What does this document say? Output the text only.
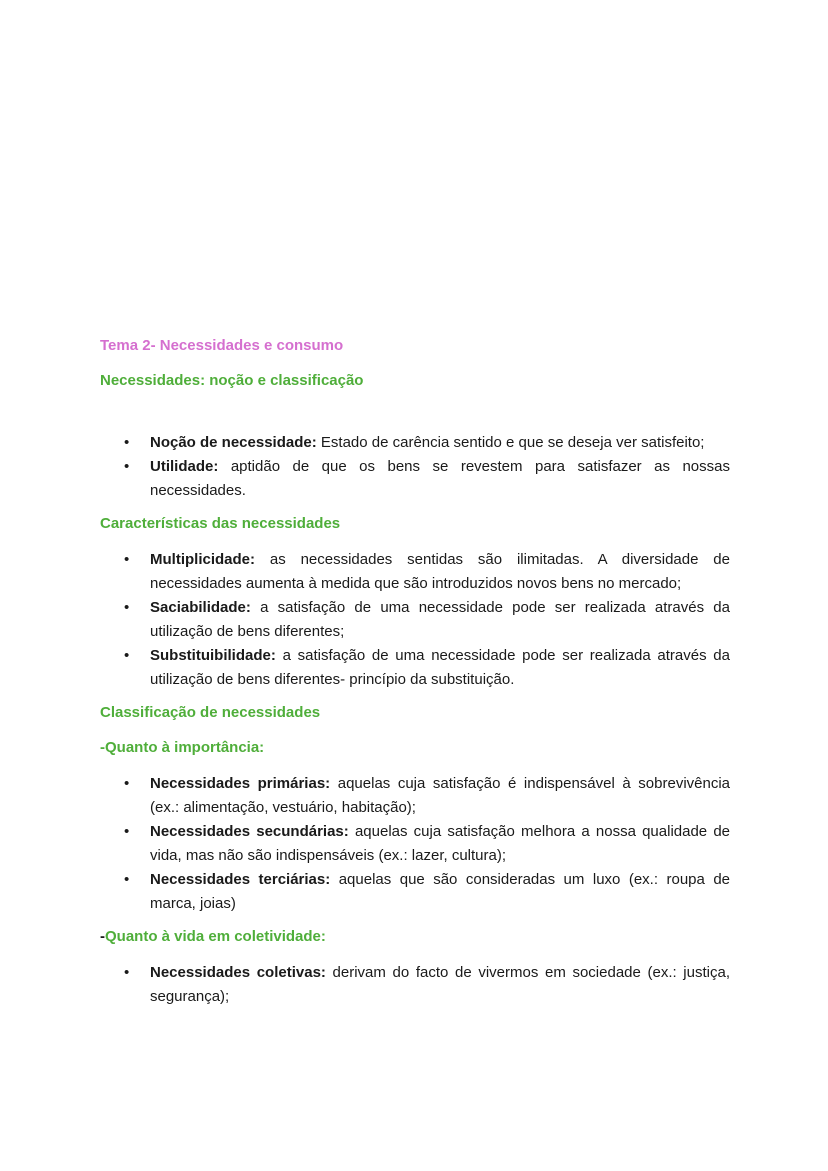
Tema 2- Necessidades e consumo

Necessidades: noção e classificação

• Noção de necessidade: Estado de carência sentido e que se deseja ver satisfeito;
• Utilidade: aptidão de que os bens se revestem para satisfazer as nossas necessidades.

Características das necessidades

• Multiplicidade: as necessidades sentidas são ilimitadas. A diversidade de necessidades aumenta à medida que são introduzidos novos bens no mercado;
• Saciabilidade: a satisfação de uma necessidade pode ser realizada através da utilização de bens diferentes;
• Substituibilidade: a satisfação de uma necessidade pode ser realizada através da utilização de bens diferentes- princípio da substituição.

Classificação de necessidades

-Quanto à importância:

• Necessidades primárias: aquelas cuja satisfação é indispensável à sobrevivência (ex.: alimentação, vestuário, habitação);
• Necessidades secundárias: aquelas cuja satisfação melhora a nossa qualidade de vida, mas não são indispensáveis (ex.: lazer, cultura);
• Necessidades terciárias: aquelas que são consideradas um luxo (ex.: roupa de marca, joias)

-Quanto à vida em coletividade:

• Necessidades coletivas: derivam do facto de vivermos em sociedade (ex.: justiça, segurança);
